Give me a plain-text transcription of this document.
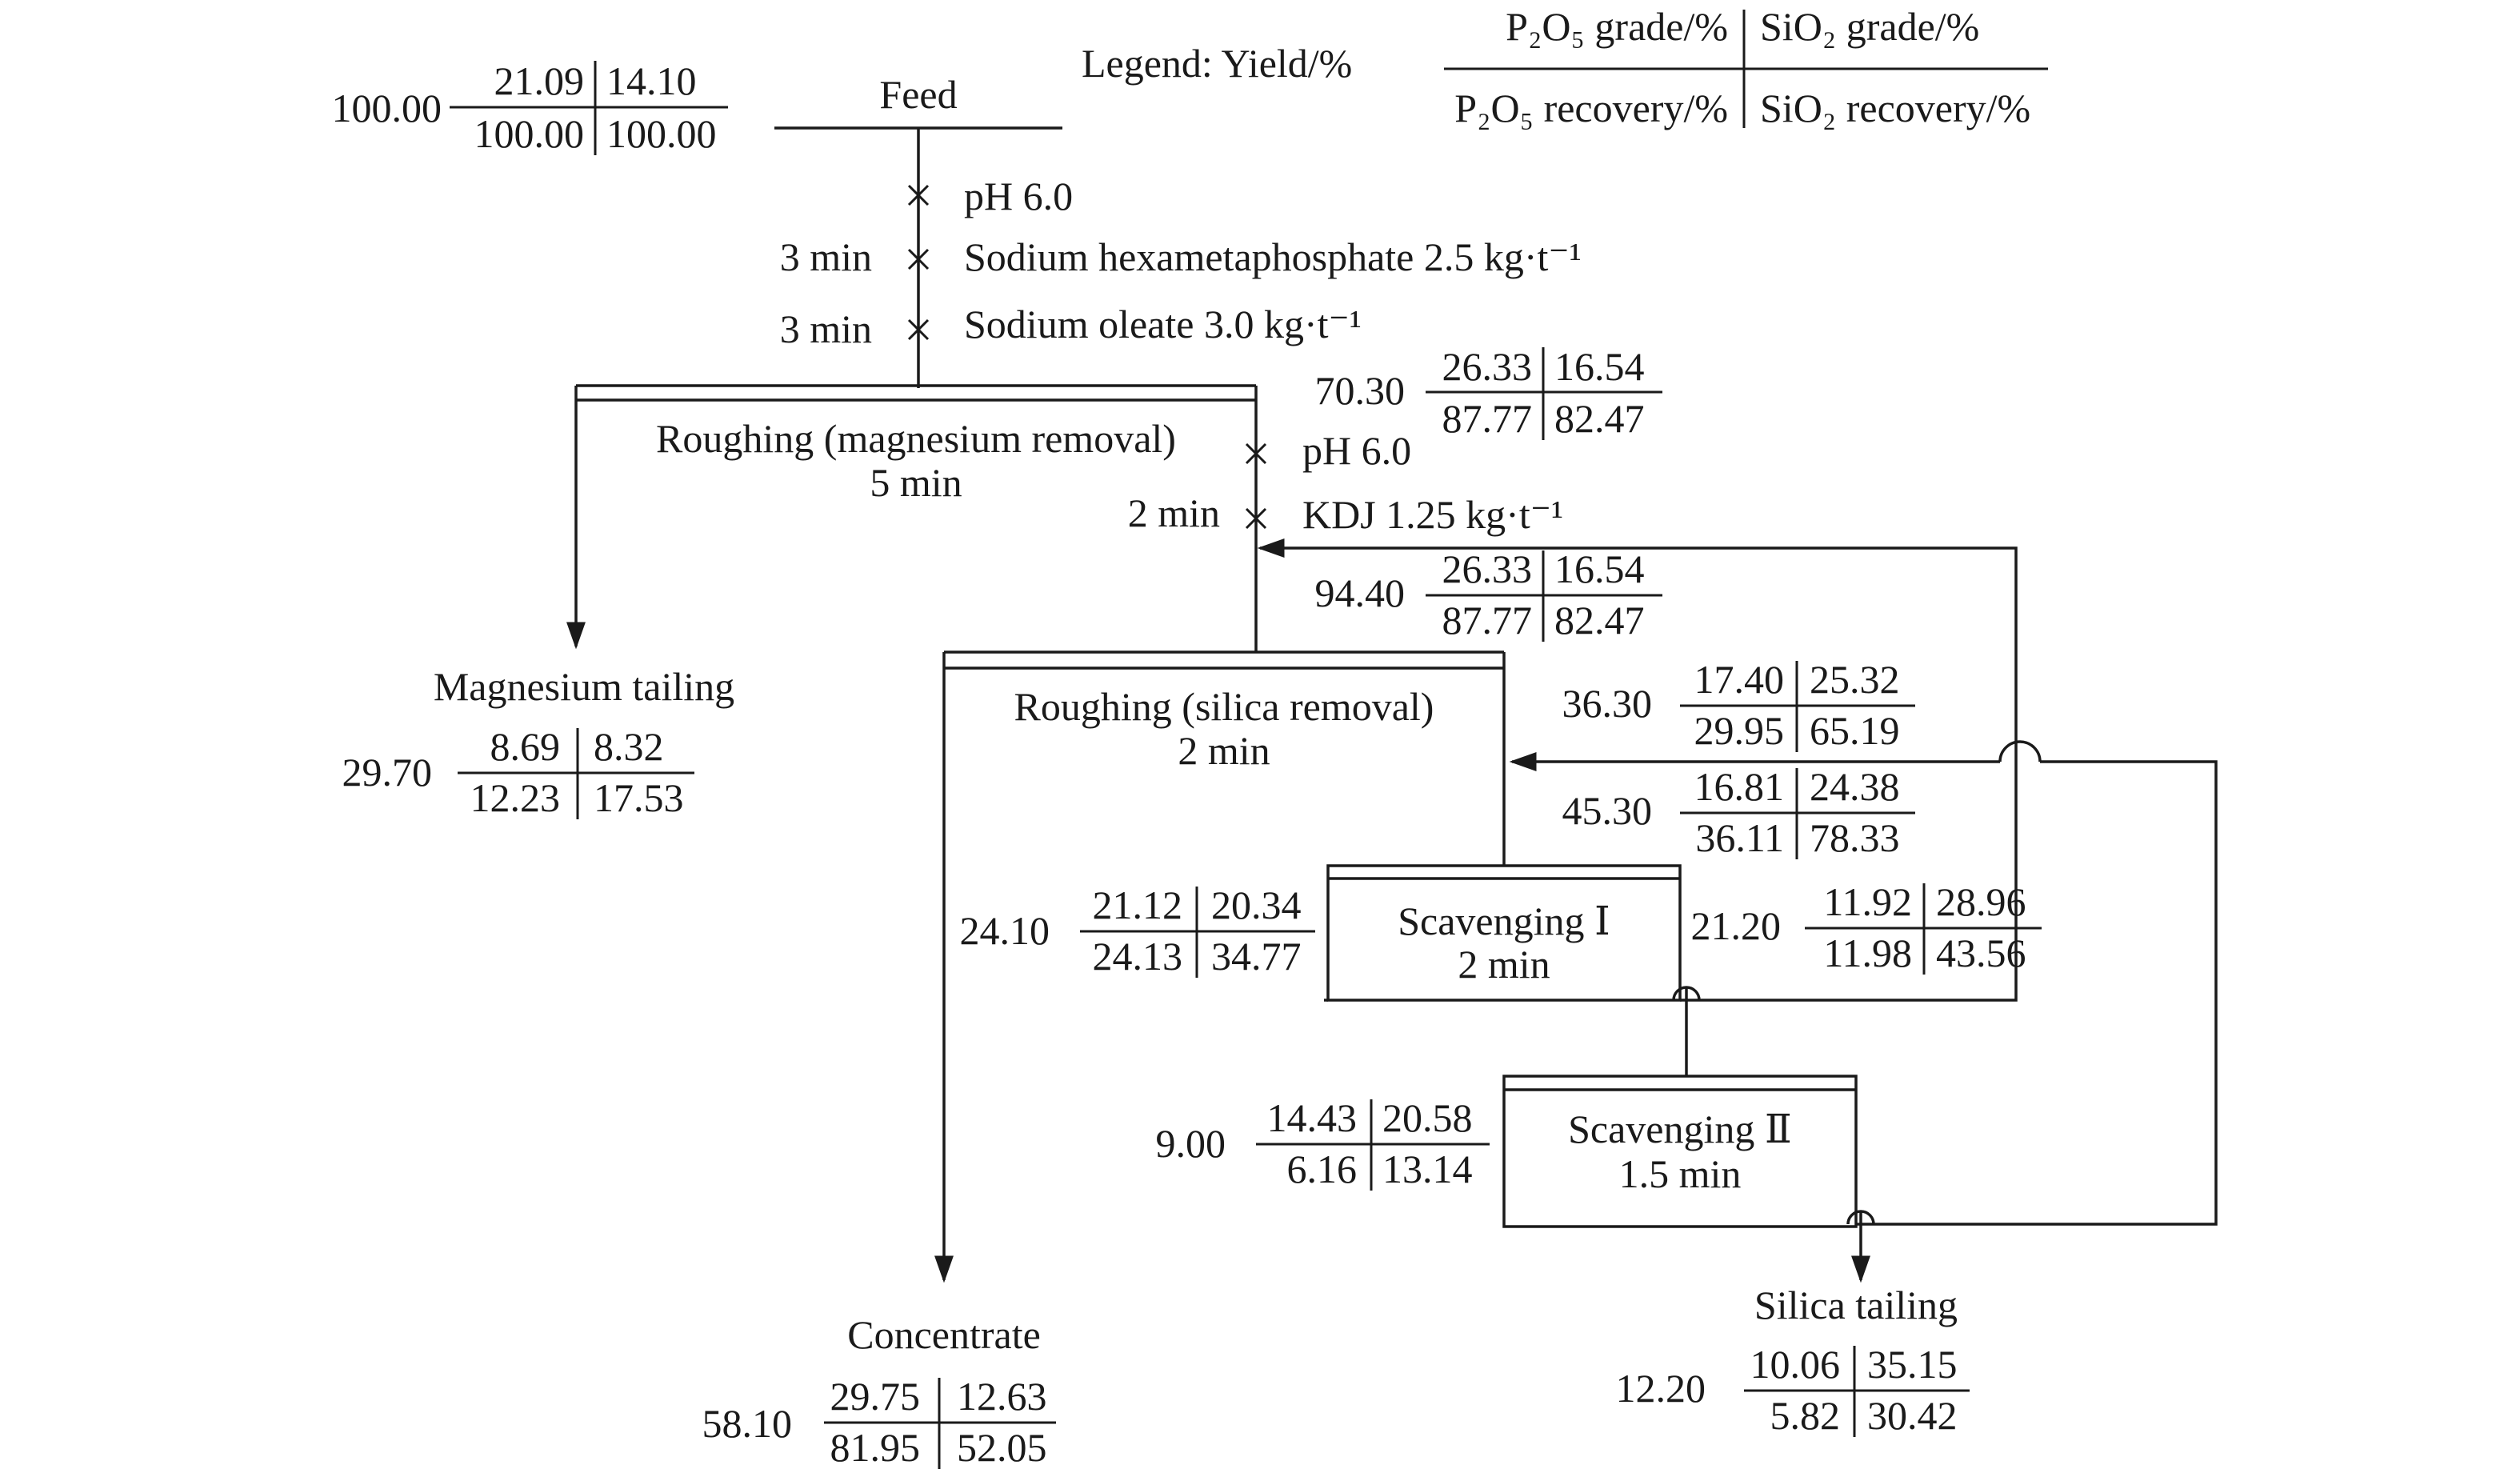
Legend: Yield/%
P₂O₅ grade/% SiO₂ grade/%
P₂O₅ recovery/% SiO₂ recovery/%
Feed
Roughing (magnesium removal)
5 min
Roughing (silica removal)
2 min
Scavenging Ⅰ
2 min
Scavenging Ⅱ
1.5 min
Magnesium tailing
Concentrate
Silica tailing
pH 6.0
3 min Sodium hexametaphosphate 2.5 kg·t⁻¹
3 min Sodium oleate 3.0 kg·t⁻¹
pH 6.0
2 min KDJ 1.25 kg·t⁻¹
100.00
21.09 14.10
100.00 100.00
70.30
26.33 16.54
87.77 82.47
94.40
26.33 16.54
87.77 82.47
29.70
8.69 8.32
12.23 17.53
36.30
17.40 25.32
29.95 65.19
45.30
16.81 24.38
36.11 78.33
24.10
21.12 20.34
24.13 34.77
21.20
11.92 28.96
11.98 43.56
9.00
14.43 20.58
6.16 13.14
58.10
29.75 12.63
81.95 52.05
12.20
10.06 35.15
5.82 30.42
